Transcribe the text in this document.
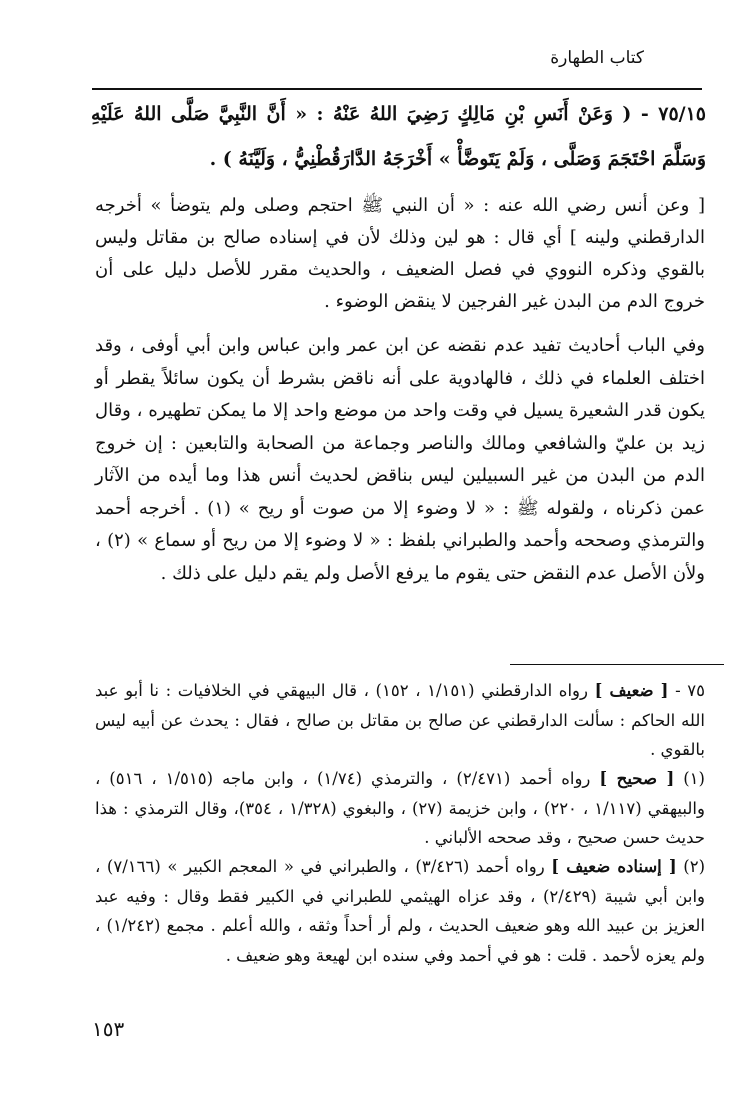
كتاب الطهارة
٧٥/١٥ - ( وَعَنْ أَنَسِ بْنِ مَالِكٍ رَضِيَ اللهُ عَنْهُ : « أَنَّ النَّبِيَّ صَلَّى اللهُ عَلَيْهِ وَسَلَّمَ احْتَجَمَ وَصَلَّى ، وَلَمْ يَتَوضَّأْ » أَخْرَجَهُ الدَّارَقُطْنِيُّ ، وَلَيَّنَهُ ) .
[ وعن أنس رضي الله عنه : « أن النبي ﷺ احتجم وصلى ولم يتوضأ » أخرجه الدارقطني ولينه ] أي قال : هو لين وذلك لأن في إسناده صالح بن مقاتل وليس بالقوي وذكره النووي في فصل الضعيف ، والحديث مقرر للأصل دليل على أن خروج الدم من البدن غير الفرجين لا ينقض الوضوء .
وفي الباب أحاديث تفيد عدم نقضه عن ابن عمر وابن عباس وابن أبي أوفى ، وقد اختلف العلماء في ذلك ، فالهادوية على أنه ناقض بشرط أن يكون سائلاً يقطر أو يكون قدر الشعيرة يسيل في وقت واحد من موضع واحد إلا ما يمكن تطهيره ، وقال زيد بن عليّ والشافعي ومالك والناصر وجماعة من الصحابة والتابعين : إن خروج الدم من البدن من غير السبيلين ليس بناقض لحديث أنس هذا وما أيده من الآثار عمن ذكرناه ، ولقوله ﷺ : « لا وضوء إلا من صوت أو ريح » (١) . أخرجه أحمد والترمذي وصححه وأحمد والطبراني بلفظ : « لا وضوء إلا من ريح أو سماع » (٢) ، ولأن الأصل عدم النقض حتى يقوم ما يرفع الأصل ولم يقم دليل على ذلك .
٧٥ - [ ضعيف ] رواه الدارقطني (١/١٥١ ، ١٥٢) ، قال البيهقي في الخلافيات : نا أبو عبد الله الحاكم : سألت الدارقطني عن صالح بن مقاتل بن صالح ، فقال : يحدث عن أبيه ليس بالقوي .
(١) [ صحيح ] رواه أحمد (٢/٤٧١) ، والترمذي (١/٧٤) ، وابن ماجه (١/٥١٥ ، ٥١٦) ، والبيهقي (١/١١٧ ، ٢٢٠) ، وابن خزيمة (٢٧) ، والبغوي (١/٣٢٨ ، ٣٥٤)، وقال الترمذي : هذا حديث حسن صحيح ، وقد صححه الألباني .
(٢) [ إسناده ضعيف ] رواه أحمد (٣/٤٢٦) ، والطبراني في « المعجم الكبير » (٧/١٦٦) ، وابن أبي شيبة (٢/٤٢٩) ، وقد عزاه الهيثمي للطبراني في الكبير فقط وقال : وفيه عبد العزيز بن عبيد الله وهو ضعيف الحديث ، ولم أر أحداً وثقه ، والله أعلم . مجمع (١/٢٤٢) ، ولم يعزه لأحمد . قلت : هو في أحمد وفي سنده ابن لهيعة وهو ضعيف .
١٥٣
